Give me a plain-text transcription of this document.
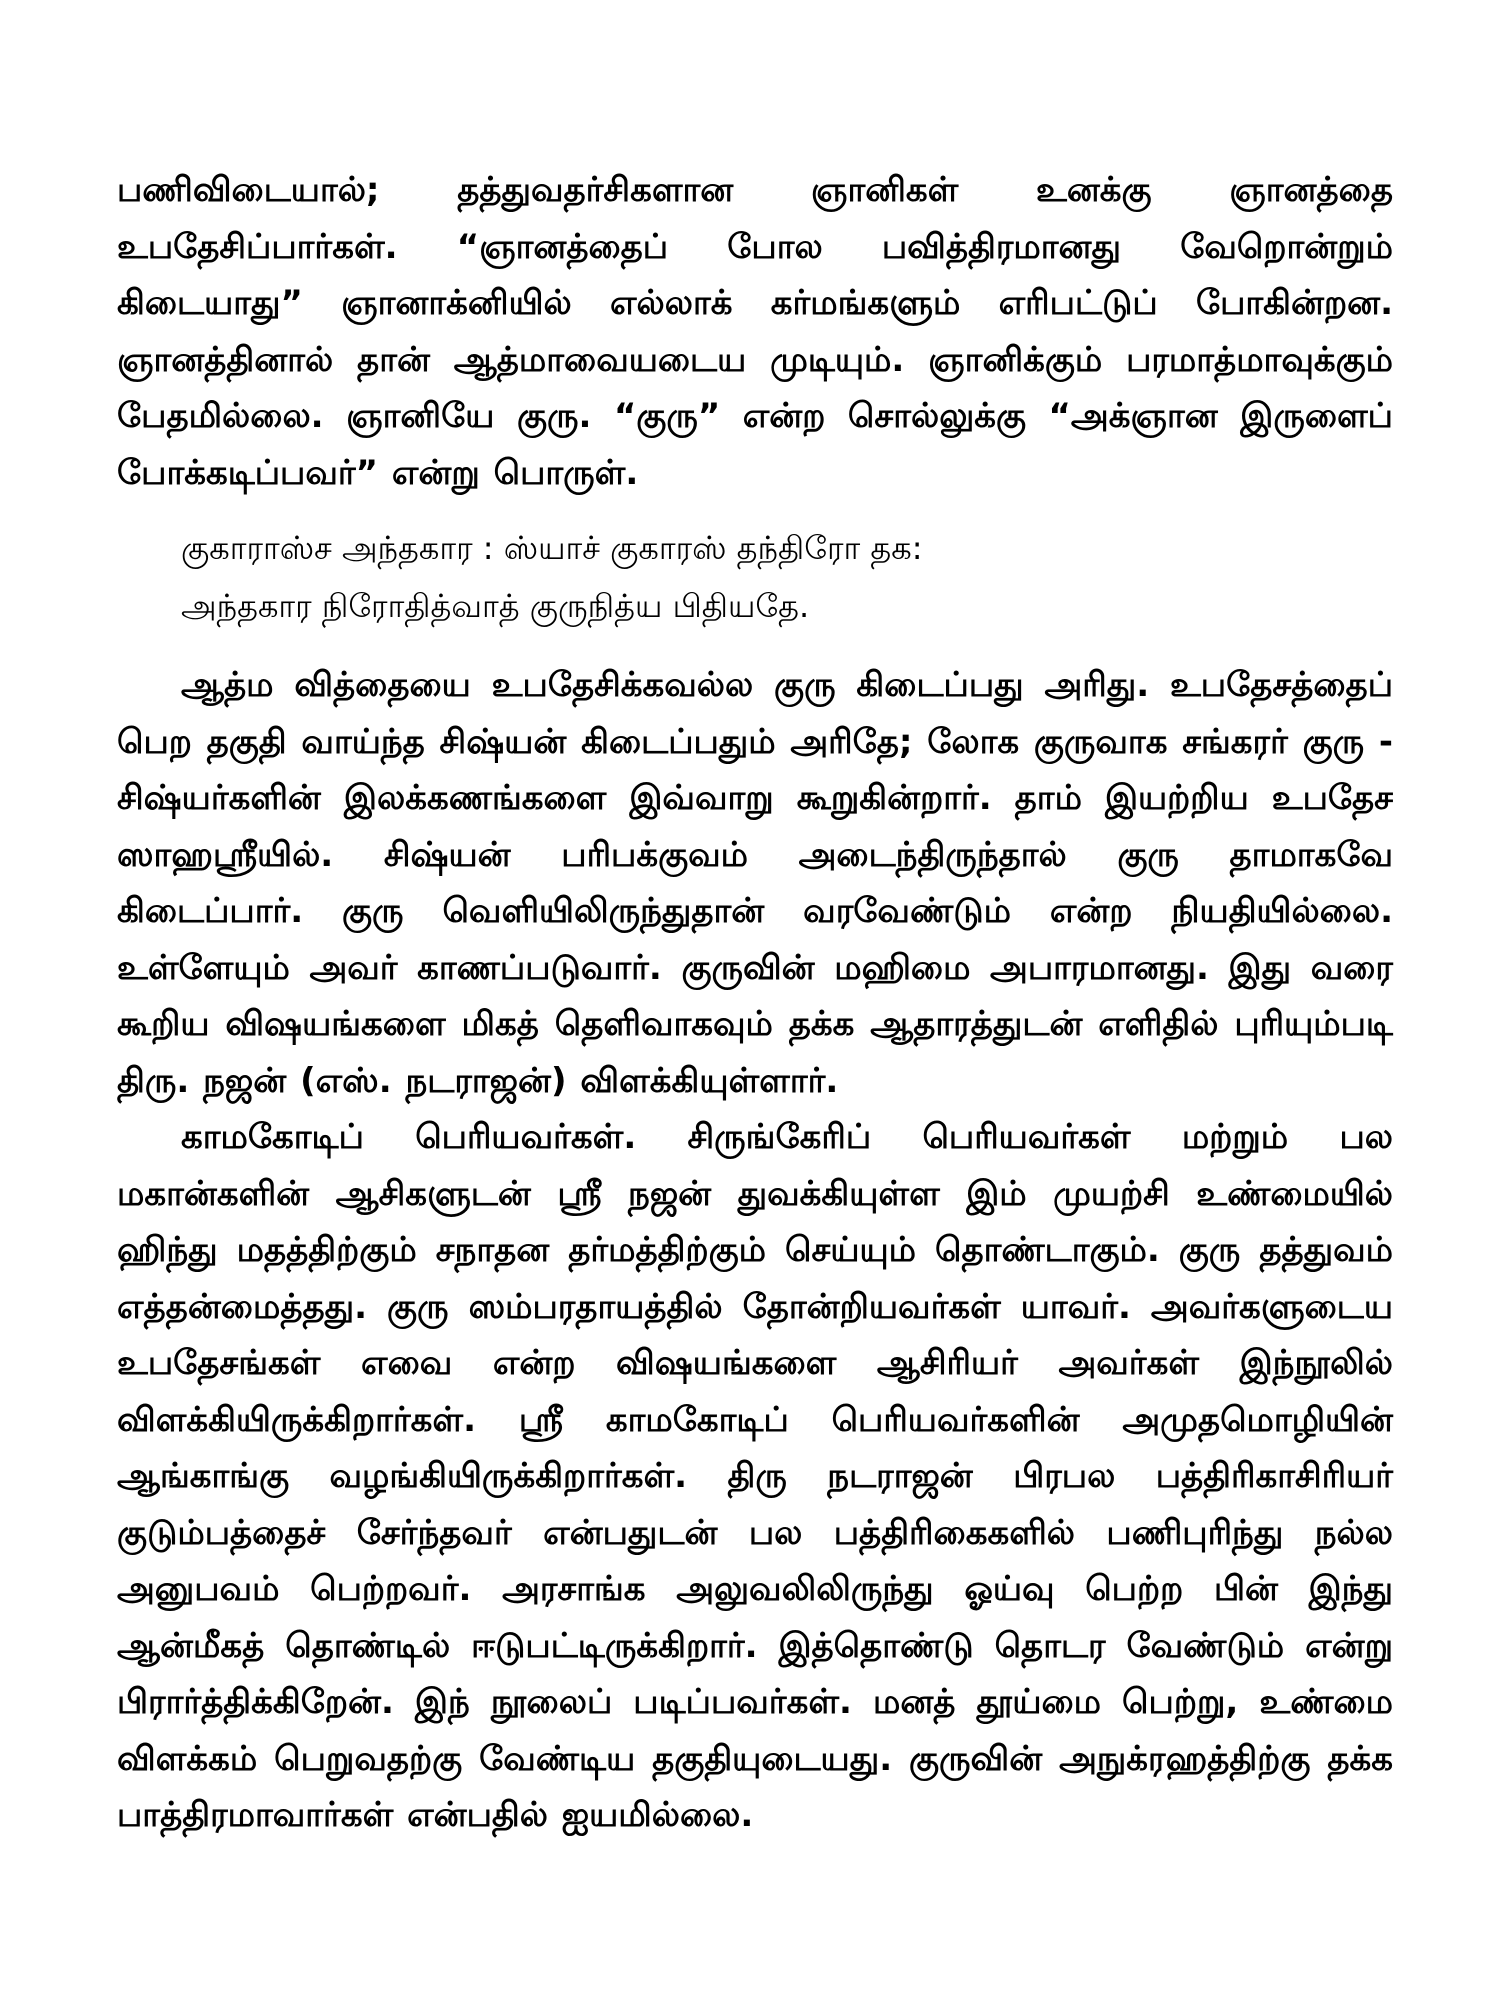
பணிவிடையால்; தத்துவதர்சிகளான ஞானிகள் உனக்கு ஞானத்தை உபதேசிப்பார்கள். “ஞானத்தைப் போல பவித்திரமானது வேறொன்றும் கிடையாது” ஞானாக்னியில் எல்லாக் கர்மங்களும் எரிபட்டுப் போகின்றன. ஞானத்தினால் தான் ஆத்மாவையடைய முடியும். ஞானிக்கும் பரமாத்மாவுக்கும் பேதமில்லை. ஞானியே குரு. “குரு” என்ற சொல்லுக்கு “அக்ஞான இருளைப் போக்கடிப்பவர்” என்று பொருள்.

குகாராஸ்ச அந்தகார : ஸ்யாச் குகாரஸ் தந்திரோ தக:
அந்தகார நிரோதித்வாத் குருநித்ய பிதியதே.

ஆத்ம வித்தையை உபதேசிக்கவல்ல குரு கிடைப்பது அரிது. உபதேசத்தைப் பெற தகுதி வாய்ந்த சிஷ்யன் கிடைப்பதும் அரிதே; லோக குருவாக சங்கரர் குரு - சிஷ்யர்களின் இலக்கணங்களை இவ்வாறு கூறுகின்றார். தாம் இயற்றிய உபதேச ஸாஹஸ்ரீயில். சிஷ்யன் பரிபக்குவம் அடைந்திருந்தால் குரு தாமாகவே கிடைப்பார். குரு வெளியிலிருந்துதான் வரவேண்டும் என்ற நியதியில்லை. உள்ளேயும் அவர் காணப்படுவார். குருவின் மஹிமை அபாரமானது. இது வரை கூறிய விஷயங்களை மிகத் தெளிவாகவும் தக்க ஆதாரத்துடன் எளிதில் புரியும்படி திரு. நஜன் (எஸ். நடராஜன்) விளக்கியுள்ளார்.

காமகோடிப் பெரியவர்கள். சிருங்கேரிப் பெரியவர்கள் மற்றும் பல மகான்களின் ஆசிகளுடன் ஸ்ரீ நஜன் துவக்கியுள்ள இம் முயற்சி உண்மையில் ஹிந்து மதத்திற்கும் சநாதன தர்மத்திற்கும் செய்யும் தொண்டாகும். குரு தத்துவம் எத்தன்மைத்தது. குரு ஸம்பரதாயத்தில் தோன்றியவர்கள் யாவர். அவர்களுடைய உபதேசங்கள் எவை என்ற விஷயங்களை ஆசிரியர் அவர்கள் இந்நூலில் விளக்கியிருக்கிறார்கள். ஸ்ரீ காமகோடிப் பெரியவர்களின் அமுதமொழியின் ஆங்காங்கு வழங்கியிருக்கிறார்கள். திரு நடராஜன் பிரபல பத்திரிகாசிரியர் குடும்பத்தைச் சேர்ந்தவர் என்பதுடன் பல பத்திரிகைகளில் பணிபுரிந்து நல்ல அனுபவம் பெற்றவர். அரசாங்க அலுவலிலிருந்து ஓய்வு பெற்ற பின் இந்து ஆன்மீகத் தொண்டில் ஈடுபட்டிருக்கிறார். இத்தொண்டு தொடர வேண்டும் என்று பிரார்த்திக்கிறேன். இந் நூலைப் படிப்பவர்கள். மனத் தூய்மை பெற்று, உண்மை விளக்கம் பெறுவதற்கு வேண்டிய தகுதியுடையது. குருவின் அநுக்ரஹத்திற்கு தக்க பாத்திரமாவார்கள் என்பதில் ஐயமில்லை.
